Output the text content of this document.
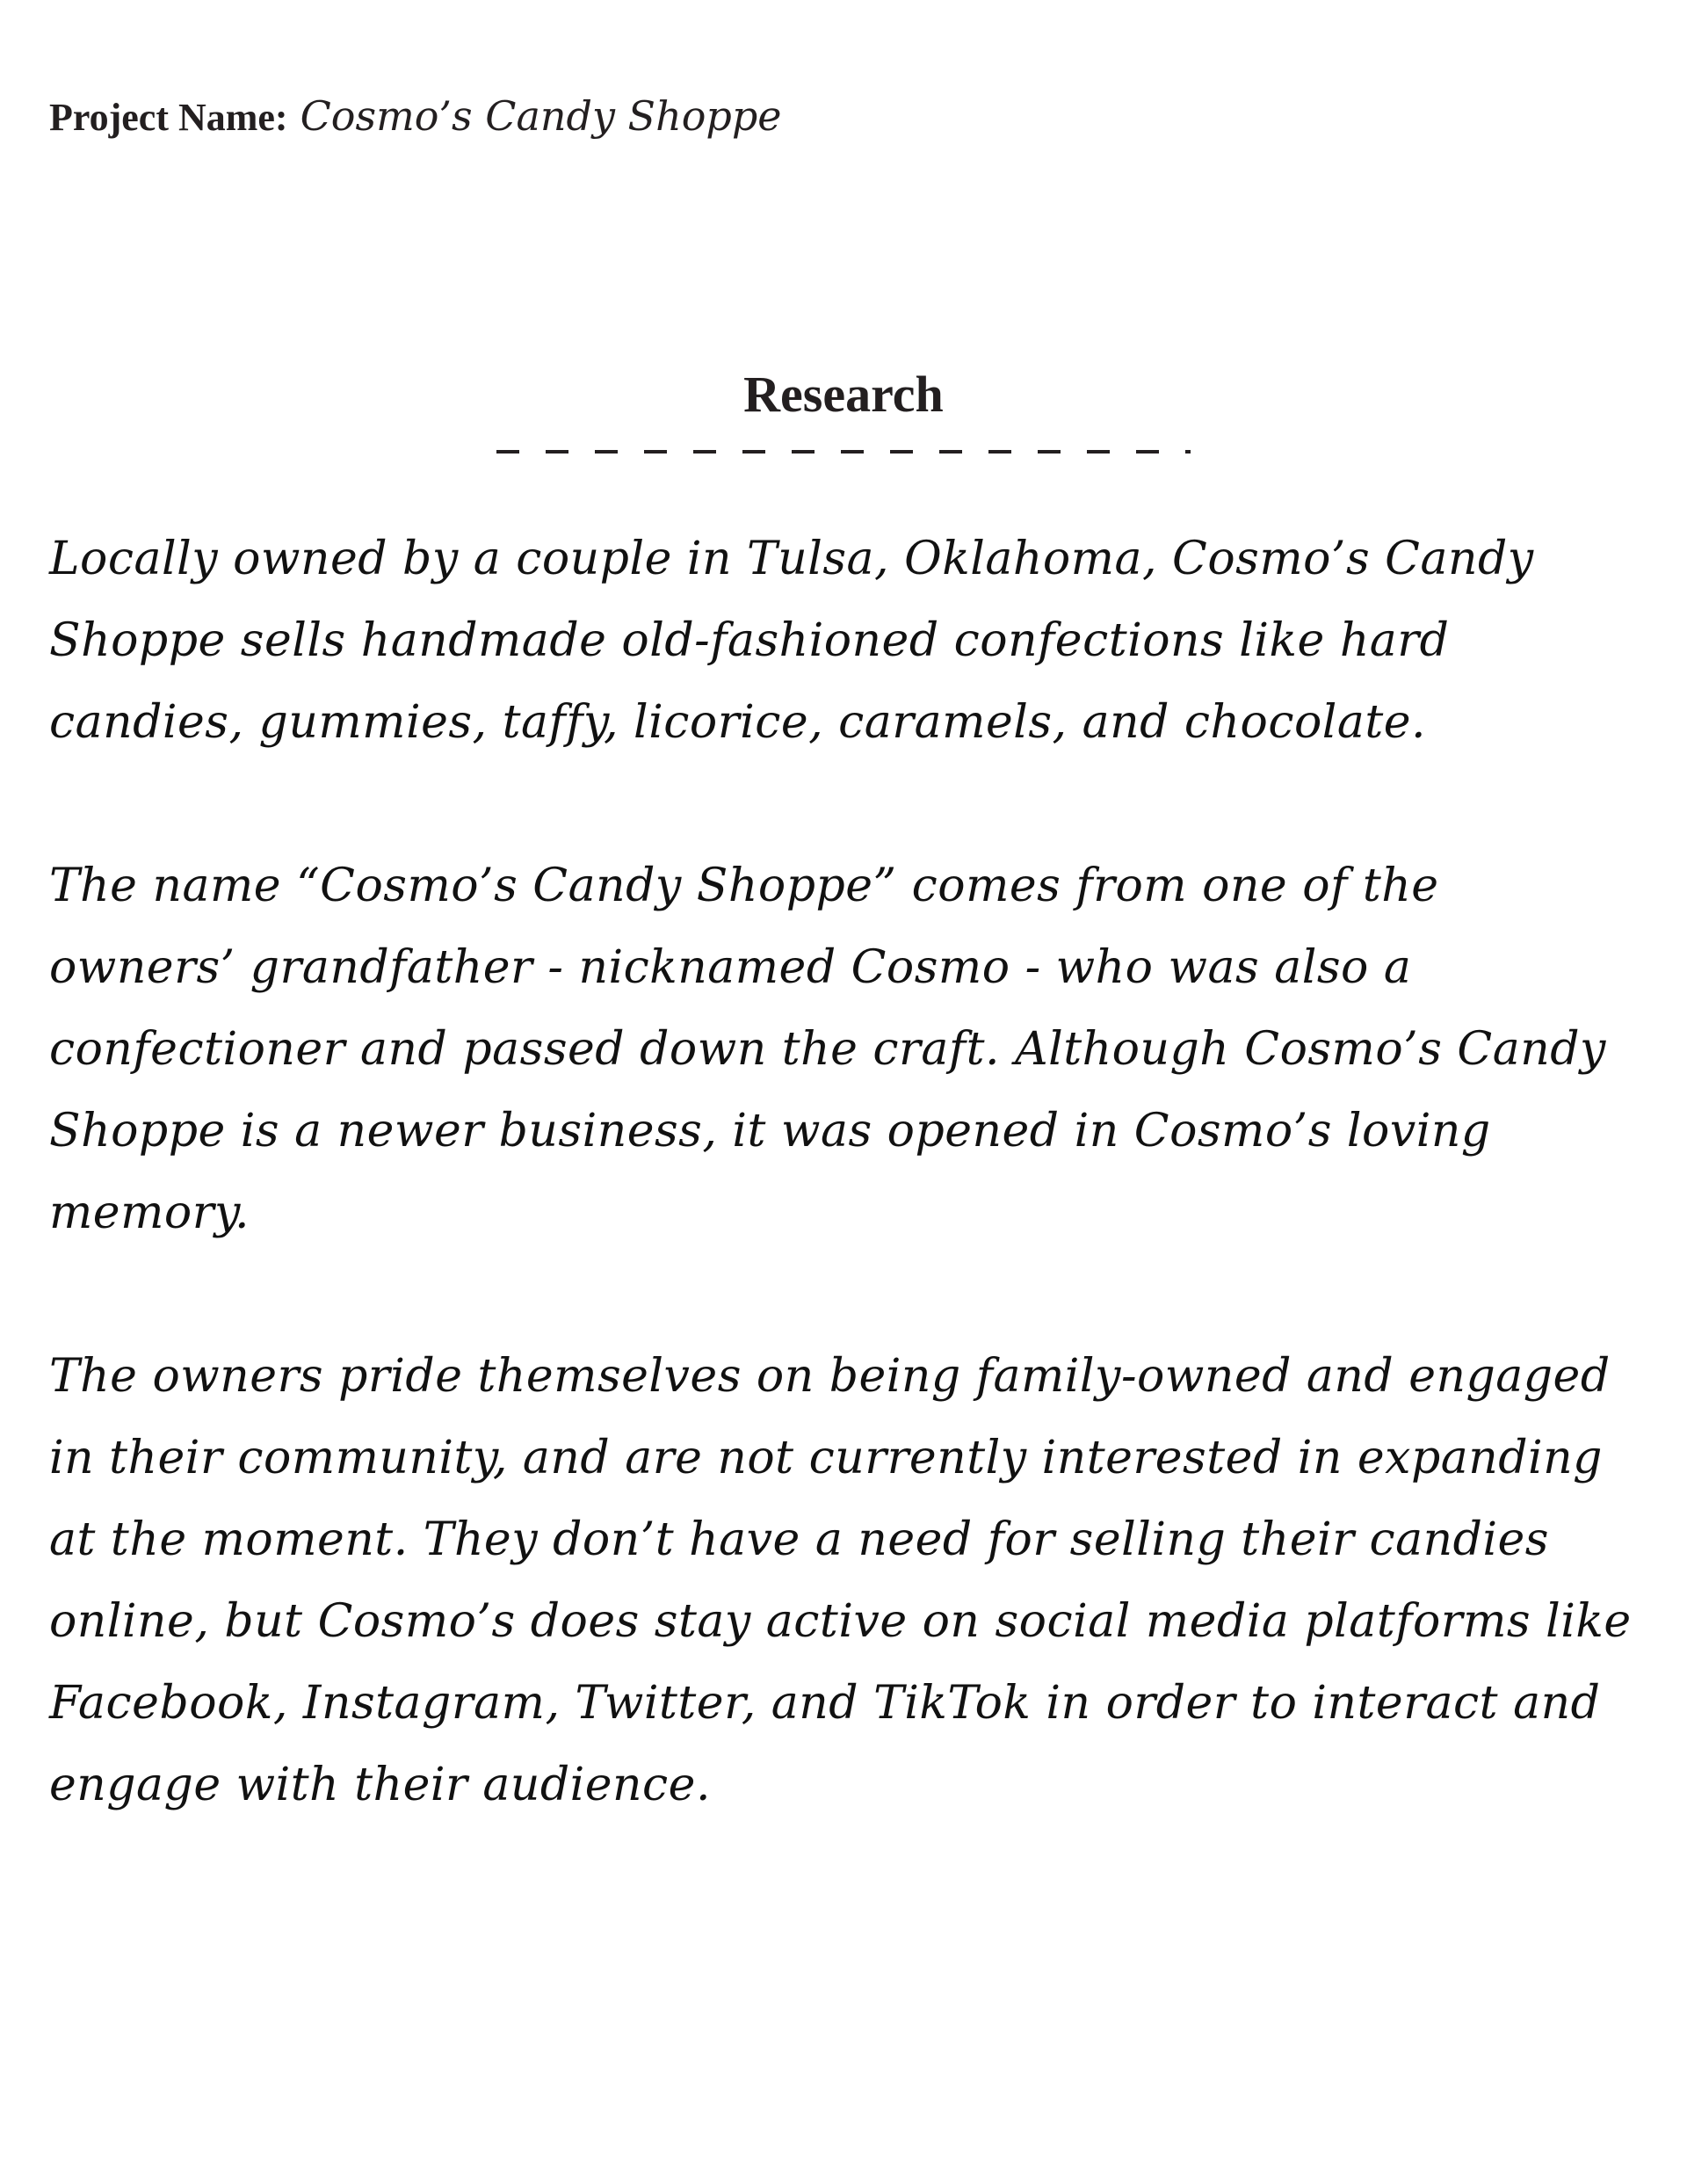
Project Name: Cosmo’s Candy Shoppe
Research

Locally owned by a couple in Tulsa, Oklahoma, Cosmo’s Candy Shoppe sells handmade old-fashioned confections like hard candies, gummies, taffy, licorice, caramels, and chocolate.

The name “Cosmo’s Candy Shoppe” comes from one of the owners’ grandfather - nicknamed Cosmo - who was also a confectioner and passed down the craft. Although Cosmo’s Candy Shoppe is a newer business, it was opened in Cosmo’s loving memory.

The owners pride themselves on being family-owned and engaged in their community, and are not currently interested in expanding at the moment. They don’t have a need for selling their candies online, but Cosmo’s does stay active on social media platforms like Facebook, Instagram, Twitter, and TikTok in order to interact and engage with their audience.
